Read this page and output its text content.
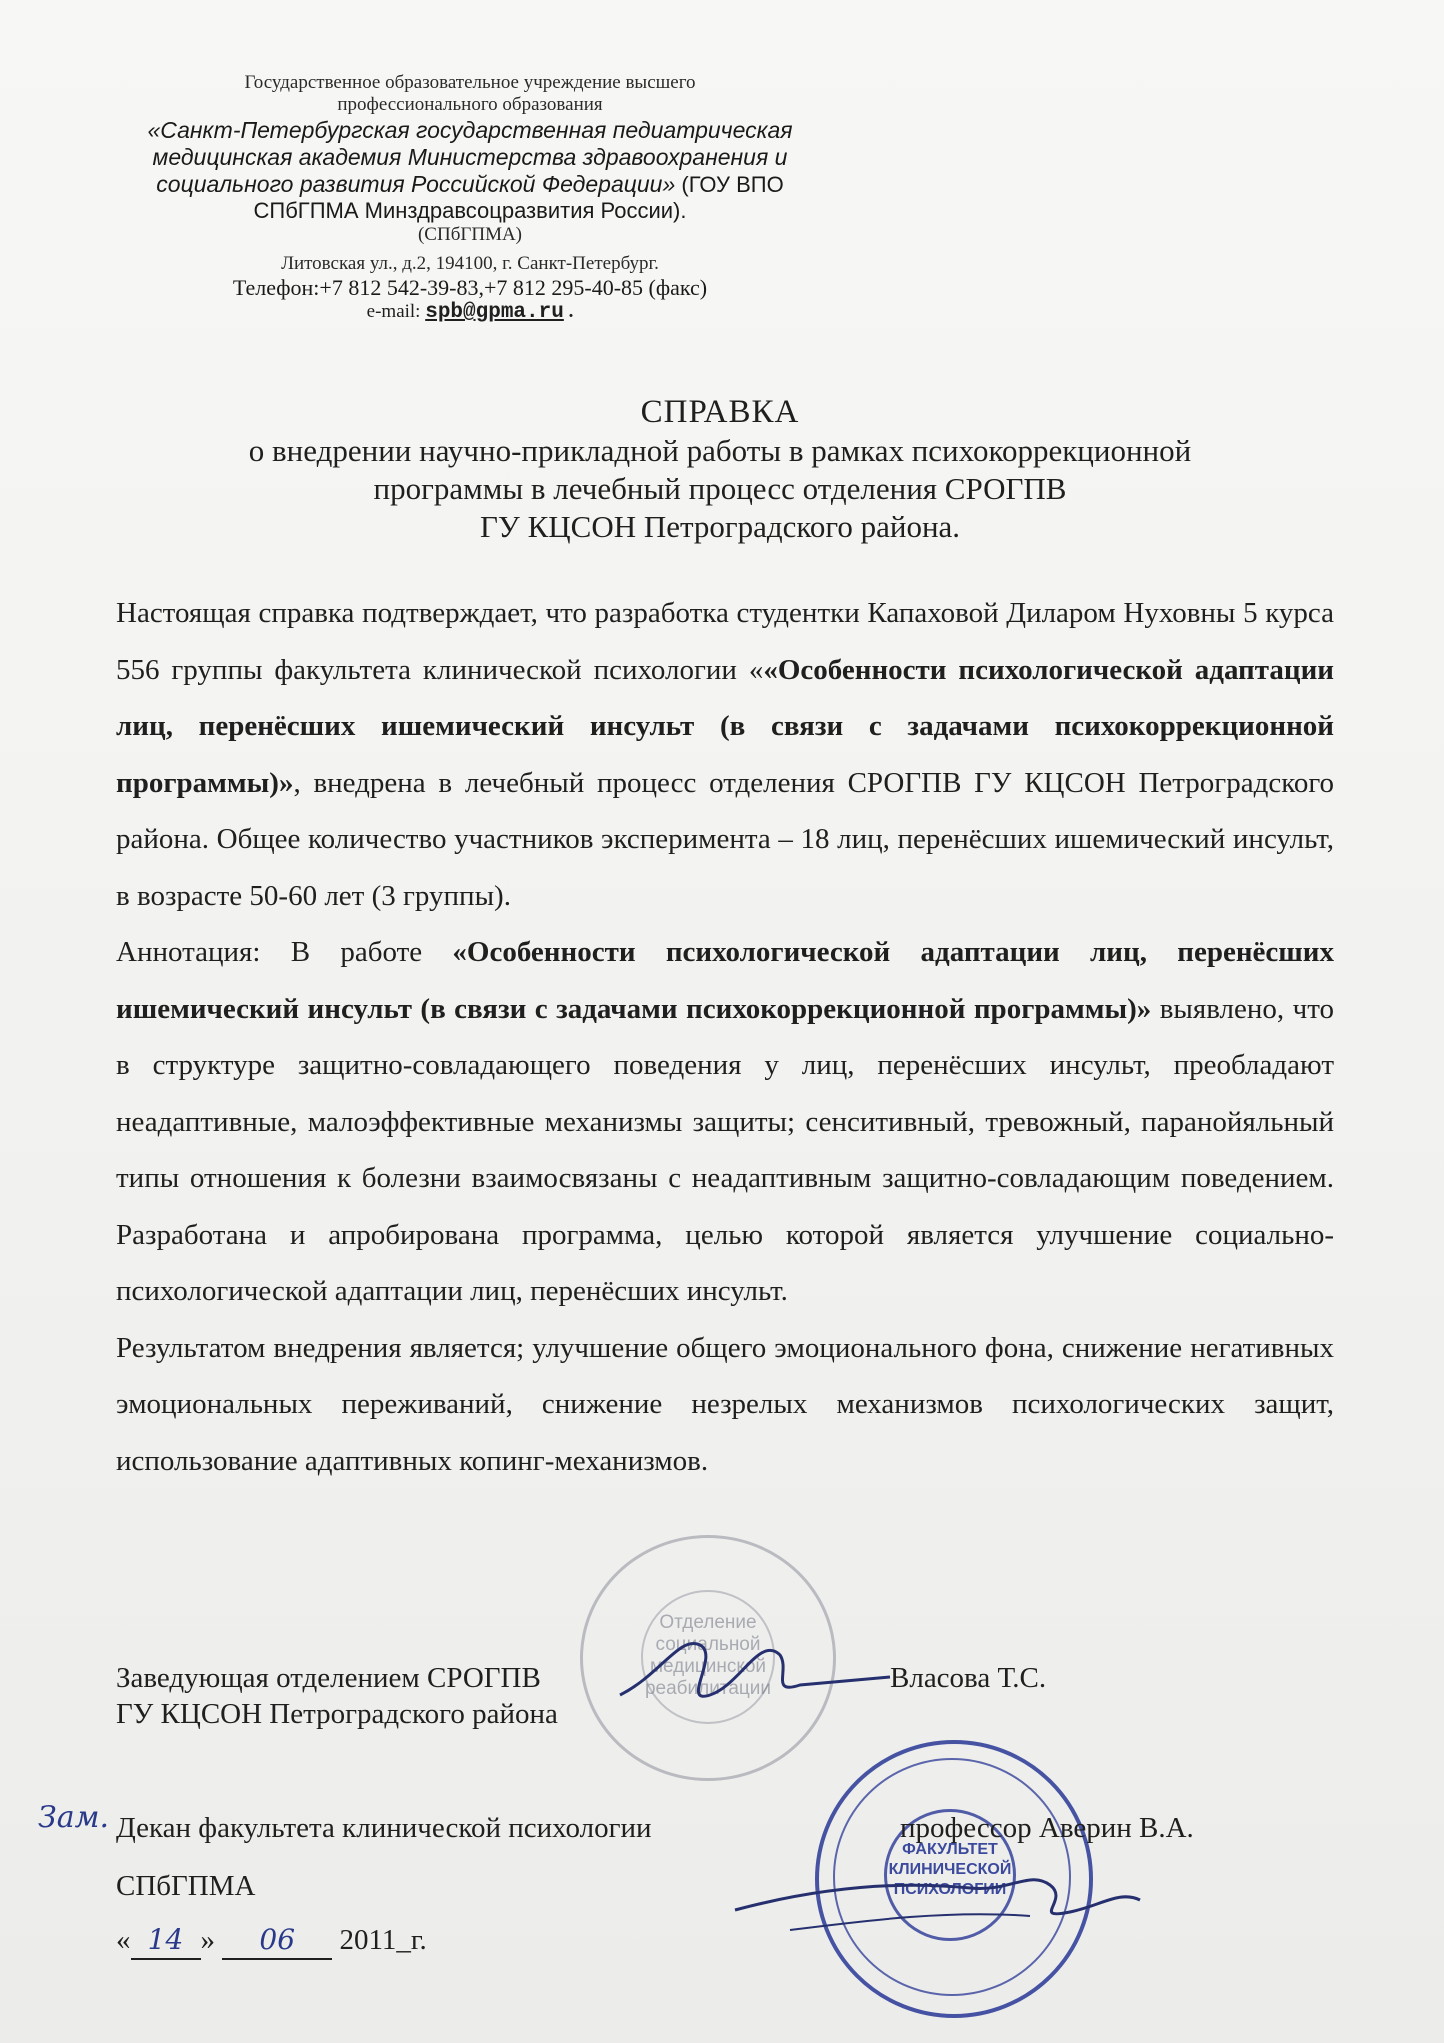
Государственное образовательное учреждение высшего
профессионального образования
«Санкт-Петербургская государственная педиатрическая
медицинская академия Министерства здравоохранения и
социального развития Российской Федерации» (ГОУ ВПО
СПбГПМА Минздравсоцразвития России).
(СПбГПМА)
Литовская ул., д.2, 194100, г. Санкт-Петербург.
Телефон:+7 812 542-39-83,+7 812 295-40-85 (факс)
e-mail: spb@gpma.ru .
СПРАВКА
о внедрении научно-прикладной работы в рамках психокоррекционной
программы в лечебный процесс отделения СРОГПВ
ГУ КЦСОН Петроградского района.

Настоящая справка подтверждает, что разработка студентки Капаховой Диларом Нуховны 5 курса 556 группы факультета клинической психологии ««Особенности психологической адаптации лиц, перенёсших ишемический инсульт (в связи с задачами психокоррекционной программы)», внедрена в лечебный процесс отделения СРОГПВ ГУ КЦСОН Петроградского района. Общее количество участников эксперимента – 18 лиц, перенёсших ишемический инсульт, в возрасте 50-60 лет (3 группы).

Аннотация: В работе «Особенности психологической адаптации лиц, перенёсших ишемический инсульт (в связи с задачами психокоррекционной программы)» выявлено, что в структуре защитно-совладающего поведения у лиц, перенёсших инсульт, преобладают неадаптивные, малоэффективные механизмы защиты; сенситивный, тревожный, паранойяльный типы отношения к болезни взаимосвязаны с неадаптивным защитно-совладающим поведением. Разработана и апробирована программа, целью которой является улучшение социально-психологической адаптации лиц, перенёсших инсульт.

Результатом внедрения является; улучшение общего эмоционального фона, снижение негативных эмоциональных переживаний, снижение незрелых механизмов психологических защит, использование адаптивных копинг-механизмов.

Отделение социальной медицинской реабилитации
Заведующая отделением СРОГПВ
ГУ КЦСОН Петроградского района
Власова Т.С.
ФАКУЛЬТЕТ КЛИНИЧЕСКОЙ ПСИХОЛОГИИ
Зам. Декан факультета клинической психологии	профессор Аверин В.А.
СПбГПМА
« 14 » 06 2011_г.
